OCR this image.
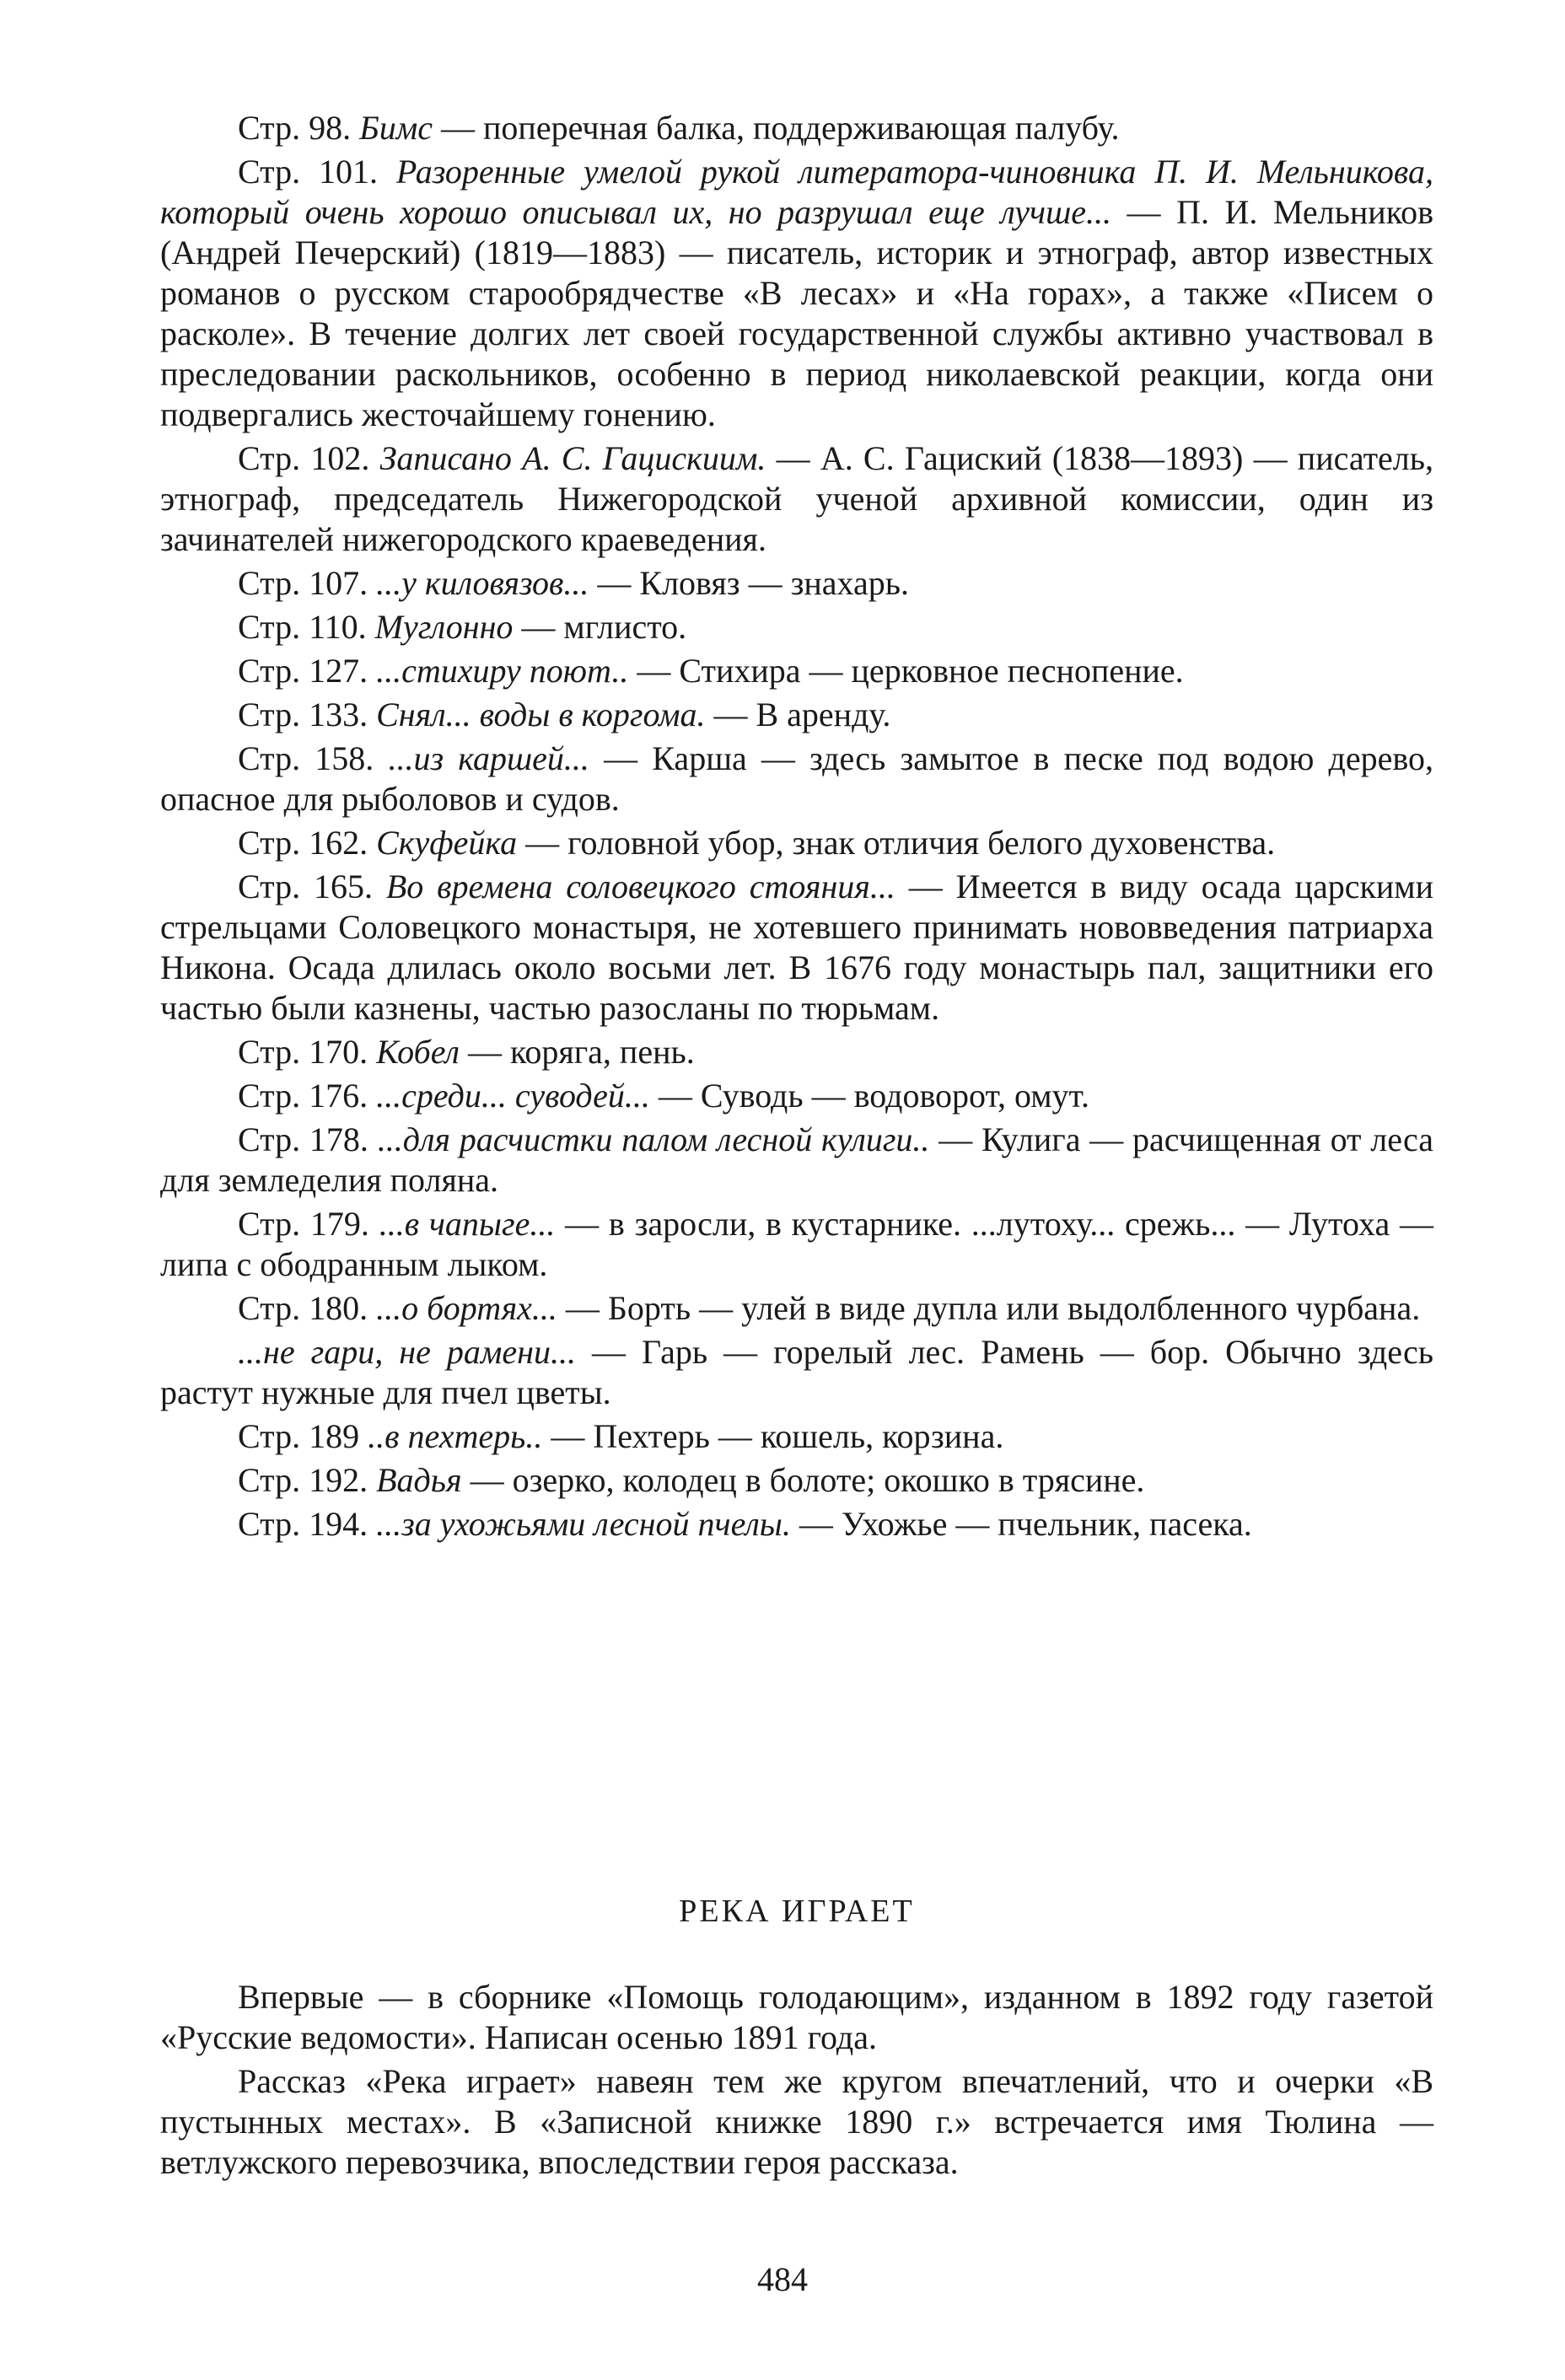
Стр. 98. Бимс — поперечная балка, поддерживающая палубу.

Стр. 101. Разоренные умелой рукой литератора-чиновника П. И. Мельникова, который очень хорошо описывал их, но разрушал еще лучше... — П. И. Мельников (Андрей Печерский) (1819—1883) — писатель, историк и этнограф, автор известных романов о русском старообрядчестве «В лесах» и «На горах», а также «Писем о расколе». В течение долгих лет своей государственной службы активно участвовал в преследовании раскольников, особенно в период николаевской реакции, когда они подвергались жесточайшему гонению.

Стр. 102. Записано А. С. Гацискиим. — А. С. Гациский (1838—1893) — писатель, этнограф, председатель Нижегородской ученой архивной комиссии, один из зачинателей нижегородского краеведения.

Стр. 107. ...у киловязов... — Кловяз — знахарь.

Стр. 110. Муглонно — мглисто.

Стр. 127. ...стихиру поют.. — Стихира — церковное песнопение.

Стр. 133. Снял... воды в коргома. — В аренду.

Стр. 158. ...из каршей... — Карша — здесь замытое в песке под водою дерево, опасное для рыболовов и судов.

Стр. 162. Скуфейка — головной убор, знак отличия белого духовенства.

Стр. 165. Во времена соловецкого стояния... — Имеется в виду осада царскими стрельцами Соловецкого монастыря, не хотевшего принимать нововведения патриарха Никона. Осада длилась около восьми лет. В 1676 году монастырь пал, защитники его частью были казнены, частью разосланы по тюрьмам.

Стр. 170. Кобел — коряга, пень.

Стр. 176. ...среди... суводей... — Суводь — водоворот, омут.

Стр. 178. ...для расчистки палом лесной кулиги.. — Кулига — расчищенная от леса для земледелия поляна.

Стр. 179. ...в чапыге... — в заросли, в кустарнике. ...лутоху... срежь... — Лутоха — липа с ободранным лыком.

Стр. 180. ...о бортях... — Борть — улей в виде дупла или выдолбленного чурбана.

...не гари, не рамени... — Гарь — горелый лес. Рамень — бор. Обычно здесь растут нужные для пчел цветы.

Стр. 189 ..в пехтерь.. — Пехтерь — кошель, корзина.

Стр. 192. Вадья — озерко, колодец в болоте; окошко в трясине.

Стр. 194. ...за ухожьями лесной пчелы. — Ухожье — пчельник, пасека.

РЕКА ИГРАЕТ

Впервые — в сборнике «Помощь голодающим», изданном в 1892 году газетой «Русские ведомости». Написан осенью 1891 года.

Рассказ «Река играет» навеян тем же кругом впечатлений, что и очерки «В пустынных местах». В «Записной книжке 1890 г.» встречается имя Тюлина — ветлужского перевозчика, впоследствии героя рассказа.

484
